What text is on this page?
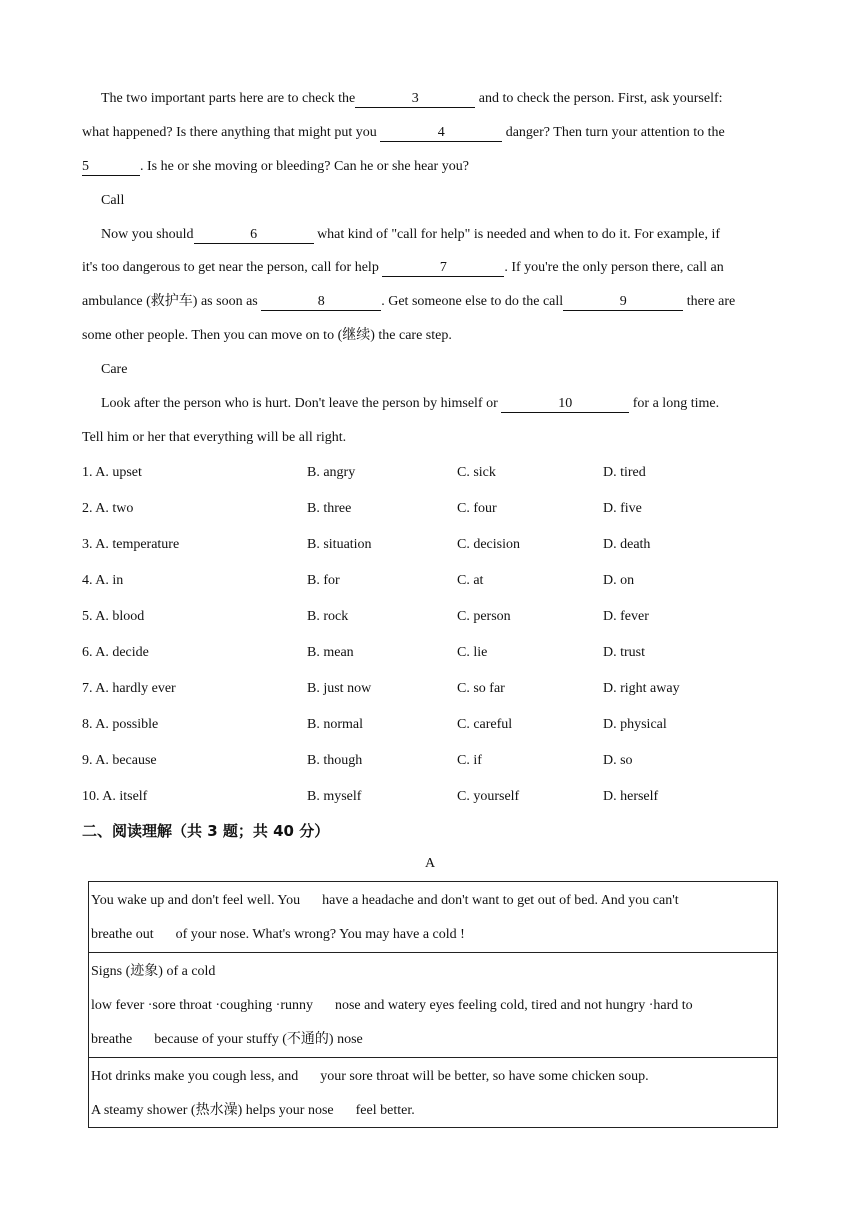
The two important parts here are to check the	3	and to check the person. First, ask yourself:
what happened? Is there anything that might put you	4	danger? Then turn your attention to the
5	. Is he or she moving or bleeding? Can he or she hear you?
Call
Now you should	6	what kind of "call for help" is needed and when to do it. For example, if
it's too dangerous to get near the person, call for help	7	. If you're the only person there, call an
ambulance (救护车) as soon as	8	. Get someone else to do the call	9	there are
some other people. Then you can move on to (继续) the care step.
Care
Look after the person who is hurt. Don't leave the person by himself or	10	for a long time.
Tell him or her that everything will be all right.
1. A. upset	B. angry	C. sick	D. tired
2. A. two	B. three	C. four	D. five
3. A. temperature	B. situation	C. decision	D. death
4. A. in	B. for	C. at	D. on
5. A. blood	B. rock	C. person	D. fever
6. A. decide	B. mean	C. lie	D. trust
7. A. hardly ever	B. just now	C. so far	D. right away
8. A. possible	B. normal	C. careful	D. physical
9. A. because	B. though	C. if	D. so
10. A. itself	B. myself	C. yourself	D. herself
二、阅读理解（共 3 题；共 40 分）
A
You wake up and don't feel well. You have a headache and don't want to get out of bed. And you can't
breathe out of your nose. What's wrong? You may have a cold !
Signs (迹象) of a cold
low fever ·sore throat ·coughing ·runny nose and watery eyes feeling cold, tired and not hungry ·hard to
breathe because of your stuffy (不通的) nose
Hot drinks make you cough less, and your sore throat will be better, so have some chicken soup.
A steamy shower (热水澡) helps your nose feel better.
